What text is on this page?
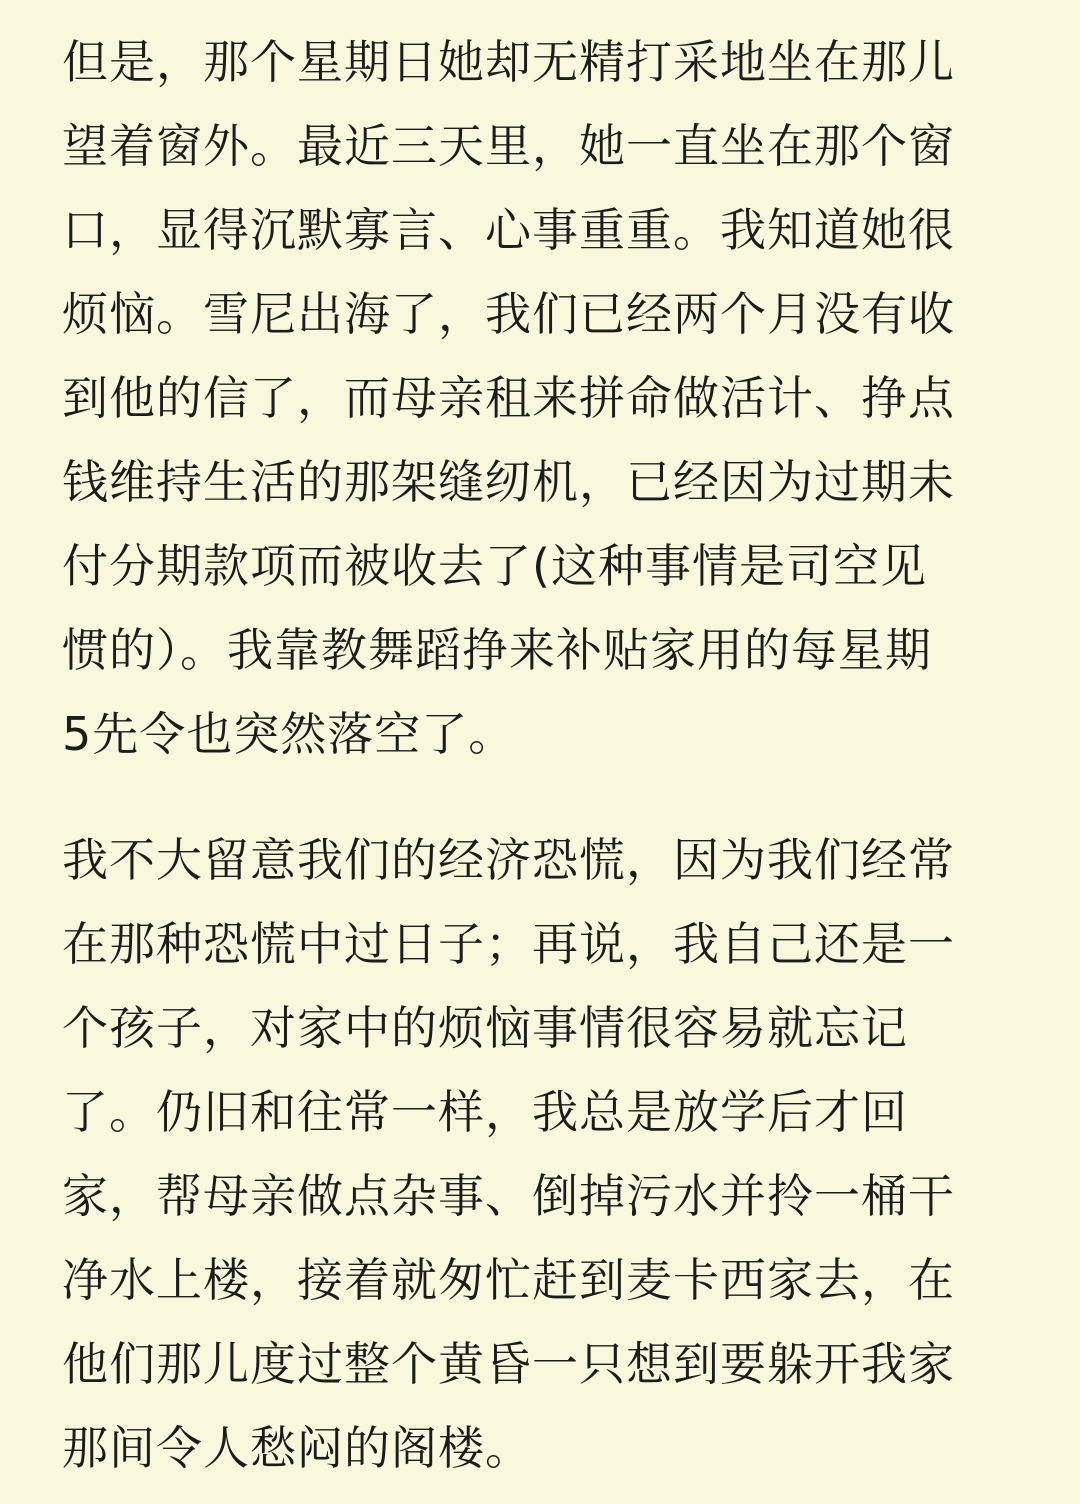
但是，那个星期日她却无精打采地坐在那儿
望着窗外。最近三天里，她一直坐在那个窗
口，显得沉默寡言、心事重重。我知道她很
烦恼。雪尼出海了，我们已经两个月没有收
到他的信了，而母亲租来拼命做活计、挣点
钱维持生活的那架缝纫机，已经因为过期未
付分期款项而被收去了(这种事情是司空见
惯的）。我靠教舞蹈挣来补贴家用的每星期
5先令也突然落空了。
我不大留意我们的经济恐慌，因为我们经常
在那种恐慌中过日子；再说，我自己还是一
个孩子，对家中的烦恼事情很容易就忘记
了。仍旧和往常一样，我总是放学后才回
家，帮母亲做点杂事、倒掉污水并拎一桶干
净水上楼，接着就匆忙赶到麦卡西家去，在
他们那儿度过整个黄昏一只想到要躲开我家
那间令人愁闷的阁楼。
